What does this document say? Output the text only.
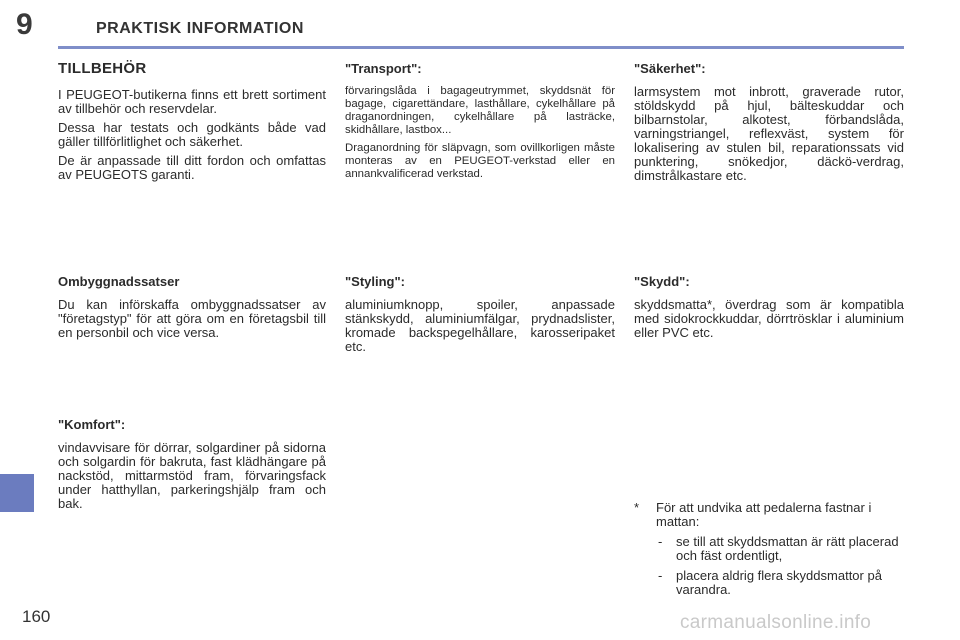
9	PRAKTISK INFORMATION
TILLBEHÖR

I PEUGEOT-butikerna finns ett brett sortiment av tillbehör och reservdelar.

Dessa har testats och godkänts både vad gäller tillförlitlighet och säkerhet.

De är anpassade till ditt fordon och omfattas av PEUGEOTS garanti.

Ombyggnadssatser

Du kan införskaffa ombyggnadssatser av "företagstyp" för att göra om en företagsbil till en personbil och vice versa.

"Komfort":

vindavvisare för dörrar, solgardiner på sidorna och solgardin för bakruta, fast klädhängare på nackstöd, mittarmstöd fram, förvaringsfack under hatthyllan, parkeringshjälp fram och bak.

"Transport":

förvaringslåda i bagageutrymmet, skyddsnät för bagage, cigarettändare, lasthållare, cykelhållare på draganordningen, cykelhållare på lasträcke, skidhållare, lastbox...

Draganordning för släpvagn, som ovillkorligen måste monteras av en PEUGEOT-verkstad eller en annankvalificerad verkstad.

"Styling":

aluminiumknopp, spoiler, anpassade stänkskydd, aluminiumfälgar, prydnadslister, kromade backspegelhållare, karosseripaket etc.

"Säkerhet":

larmsystem mot inbrott, graverade rutor, stöldskydd på hjul, bälteskuddar och bilbarnstolar, alkotest, förbandslåda, varningstriangel, reflexväst, system för lokalisering av stulen bil, reparationssats vid punktering, snökedjor, däckö-verdrag, dimstrålkastare etc.

"Skydd":

skyddsmatta*, överdrag som är kompatibla med sidokrockkuddar, dörrtrösklar i aluminium eller PVC etc.

* För att undvika att pedalerna fastnar i mattan:
- se till att skyddsmattan är rätt placerad och fäst ordentligt,
- placera aldrig flera skyddsmattor på varandra.
160	carmanualsonline.info
